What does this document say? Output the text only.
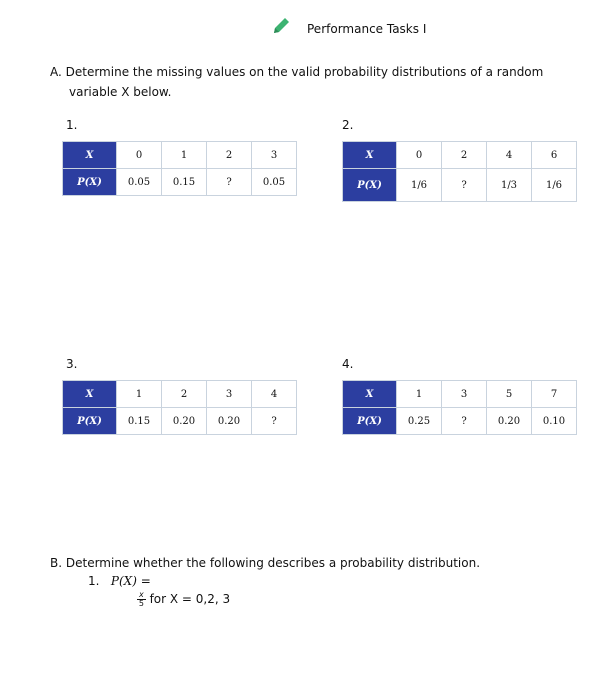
Performance Tasks I
A. Determine the missing values on the valid probability distributions of a random
variable X below.
1.
X	0	1	2	3
P(X)	0.05	0.15	?	0.05
2.
X	0	2	4	6
P(X)	1/6	?	1/3	1/6
3.
X	1	2	3	4
P(X)	0.15	0.20	0.20	?
4.
X	1	3	5	7
P(X)	0.25	?	0.20	0.10
B. Determine whether the following describes a probability distribution.
1. P(X) =
$\frac{x}{5}$ for X = 0,2, 3
